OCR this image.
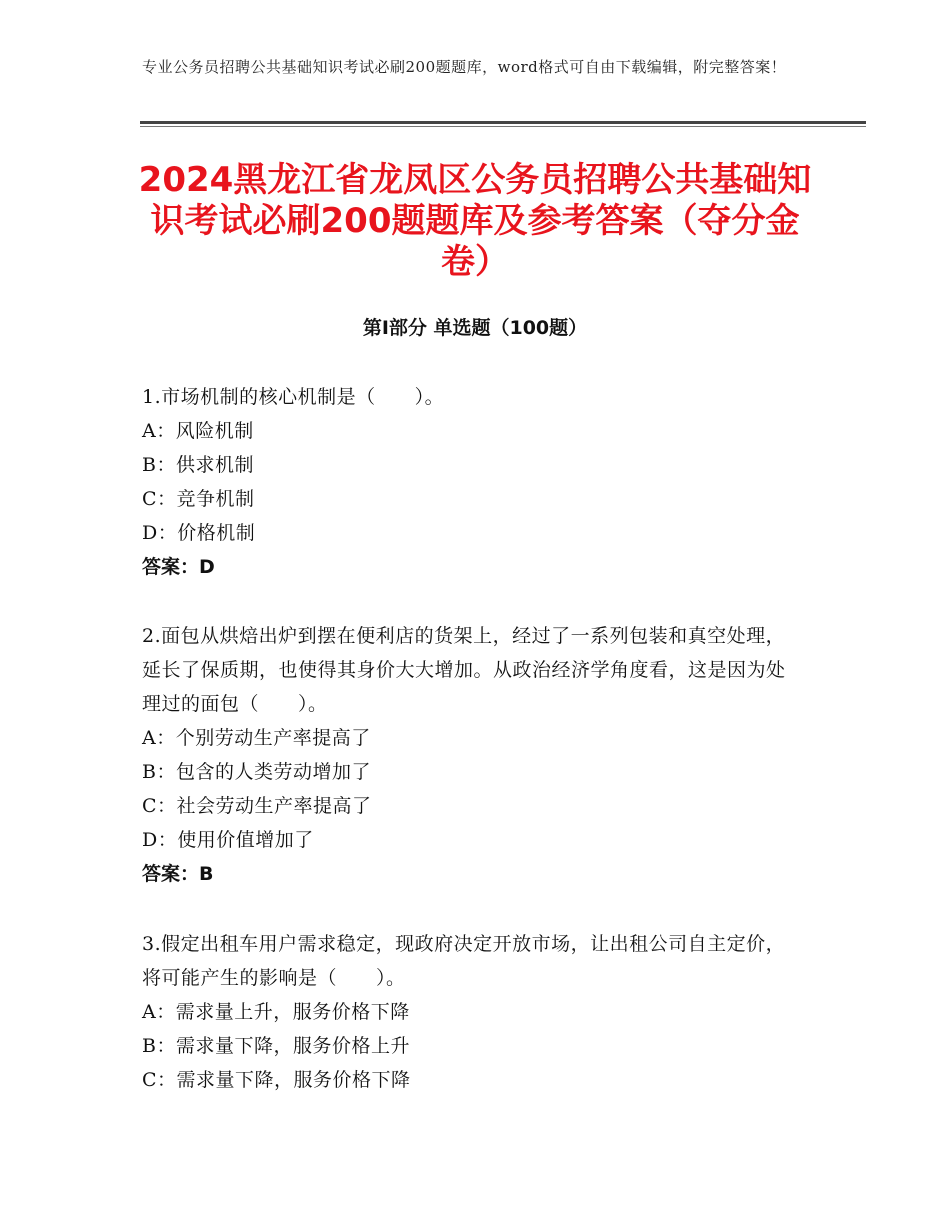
专业公务员招聘公共基础知识考试必刷200题题库，word格式可自由下载编辑，附完整答案！
2024黑龙江省龙凤区公务员招聘公共基础知识考试必刷200题题库及参考答案（夺分金卷）
第Ⅰ部分 单选题（100题）
1.市场机制的核心机制是（　　）。
A：风险机制
B：供求机制
C：竞争机制
D：价格机制
答案：D
2.面包从烘焙出炉到摆在便利店的货架上，经过了一系列包装和真空处理，延长了保质期，也使得其身价大大增加。从政治经济学角度看，这是因为处理过的面包（　　）。
A：个别劳动生产率提高了
B：包含的人类劳动增加了
C：社会劳动生产率提高了
D：使用价值增加了
答案：B
3.假定出租车用户需求稳定，现政府决定开放市场，让出租公司自主定价，将可能产生的影响是（　　）。
A：需求量上升，服务价格下降
B：需求量下降，服务价格上升
C：需求量下降，服务价格下降
